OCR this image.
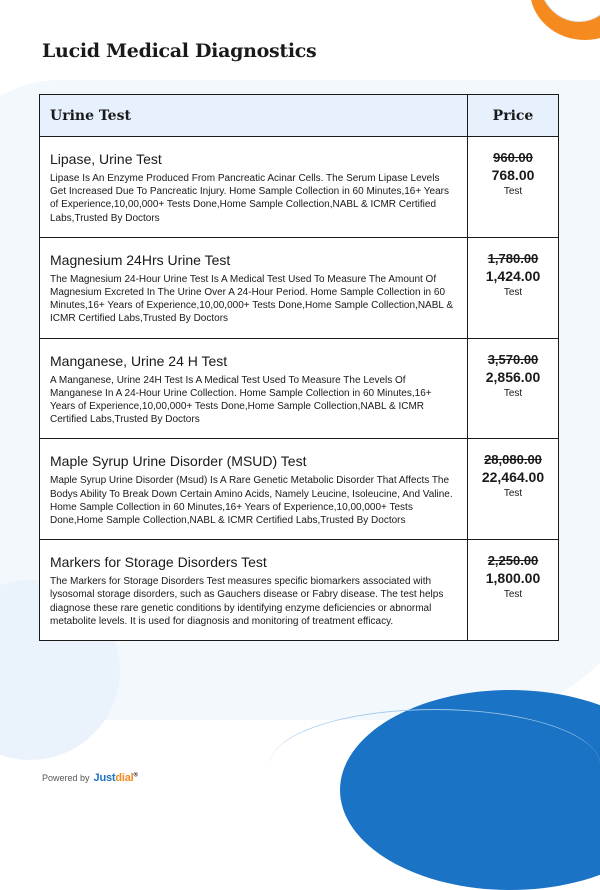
Lucid Medical Diagnostics
Urine Test	Price
Lipase, Urine Test
Lipase Is An Enzyme Produced From Pancreatic Acinar Cells. The Serum Lipase Levels Get Increased Due To Pancreatic Injury. Home Sample Collection in 60 Minutes,16+ Years of Experience,10,00,000+ Tests Done,Home Sample Collection,NABL & ICMR Certified Labs,Trusted By Doctors
960.00
768.00
Test
Magnesium 24Hrs Urine Test
The Magnesium 24-Hour Urine Test Is A Medical Test Used To Measure The Amount Of Magnesium Excreted In The Urine Over A 24-Hour Period. Home Sample Collection in 60 Minutes,16+ Years of Experience,10,00,000+ Tests Done,Home Sample Collection,NABL & ICMR Certified Labs,Trusted By Doctors
1,780.00
1,424.00
Test
Manganese, Urine 24 H Test
A Manganese, Urine 24H Test Is A Medical Test Used To Measure The Levels Of Manganese In A 24-Hour Urine Collection. Home Sample Collection in 60 Minutes,16+ Years of Experience,10,00,000+ Tests Done,Home Sample Collection,NABL & ICMR Certified Labs,Trusted By Doctors
3,570.00
2,856.00
Test
Maple Syrup Urine Disorder (MSUD) Test
Maple Syrup Urine Disorder (Msud) Is A Rare Genetic Metabolic Disorder That Affects The Bodys Ability To Break Down Certain Amino Acids, Namely Leucine, Isoleucine, And Valine. Home Sample Collection in 60 Minutes,16+ Years of Experience,10,00,000+ Tests Done,Home Sample Collection,NABL & ICMR Certified Labs,Trusted By Doctors
28,080.00
22,464.00
Test
Markers for Storage Disorders Test
The Markers for Storage Disorders Test measures specific biomarkers associated with lysosomal storage disorders, such as Gauchers disease or Fabry disease. The test helps diagnose these rare genetic conditions by identifying enzyme deficiencies or abnormal metabolite levels. It is used for diagnosis and monitoring of treatment efficacy.
2,250.00
1,800.00
Test
Powered by Justdial®
